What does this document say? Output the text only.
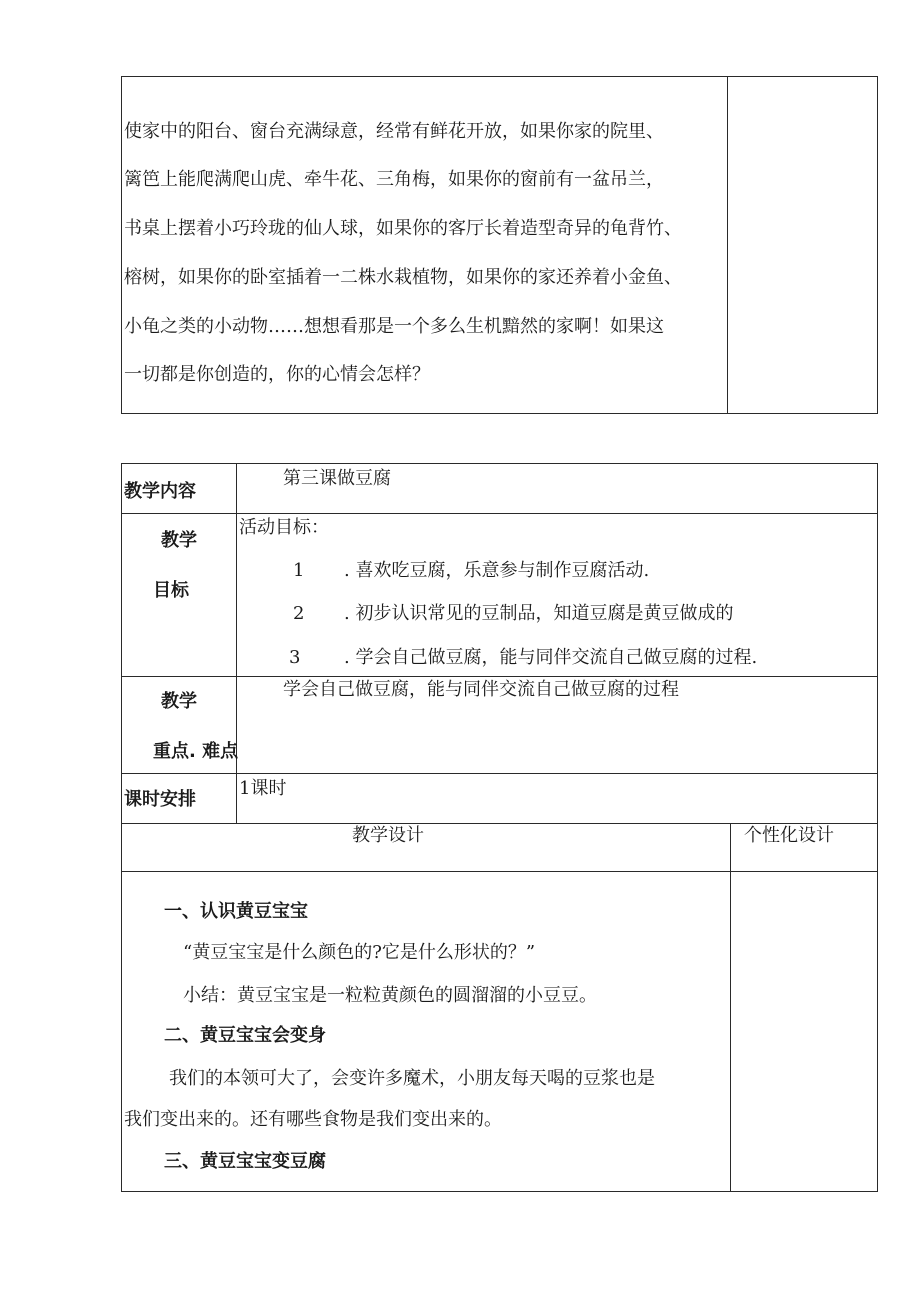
使家中的阳台、窗台充满绿意，经常有鲜花开放，如果你家的院里、
篱笆上能爬满爬山虎、牵牛花、三角梅，如果你的窗前有一盆吊兰，
书桌上摆着小巧玲珑的仙人球，如果你的客厅长着造型奇异的龟背竹、
榕树，如果你的卧室插着一二株水栽植物，如果你的家还养着小金鱼、
小龟之类的小动物……想想看那是一个多么生机黯然的家啊！如果这
一切都是你创造的，你的心情会怎样？
教学内容
第三课做豆腐
教学
目标
活动目标：
1 . 喜欢吃豆腐，乐意参与制作豆腐活动.
2 . 初步认识常见的豆制品，知道豆腐是黄豆做成的
3 . 学会自己做豆腐，能与同伴交流自己做豆腐的过程.
教学
重点. 难点
学会自己做豆腐，能与同伴交流自己做豆腐的过程
课时安排
1课时
教学设计	个性化设计
一、认识黄豆宝宝
“黄豆宝宝是什么颜色的?它是什么形状的？”
小结：黄豆宝宝是一粒粒黄颜色的圆溜溜的小豆豆。
二、黄豆宝宝会变身
我们的本领可大了，会变许多魔术，小朋友每天喝的豆浆也是
我们变出来的。还有哪些食物是我们变出来的。
三、黄豆宝宝变豆腐
